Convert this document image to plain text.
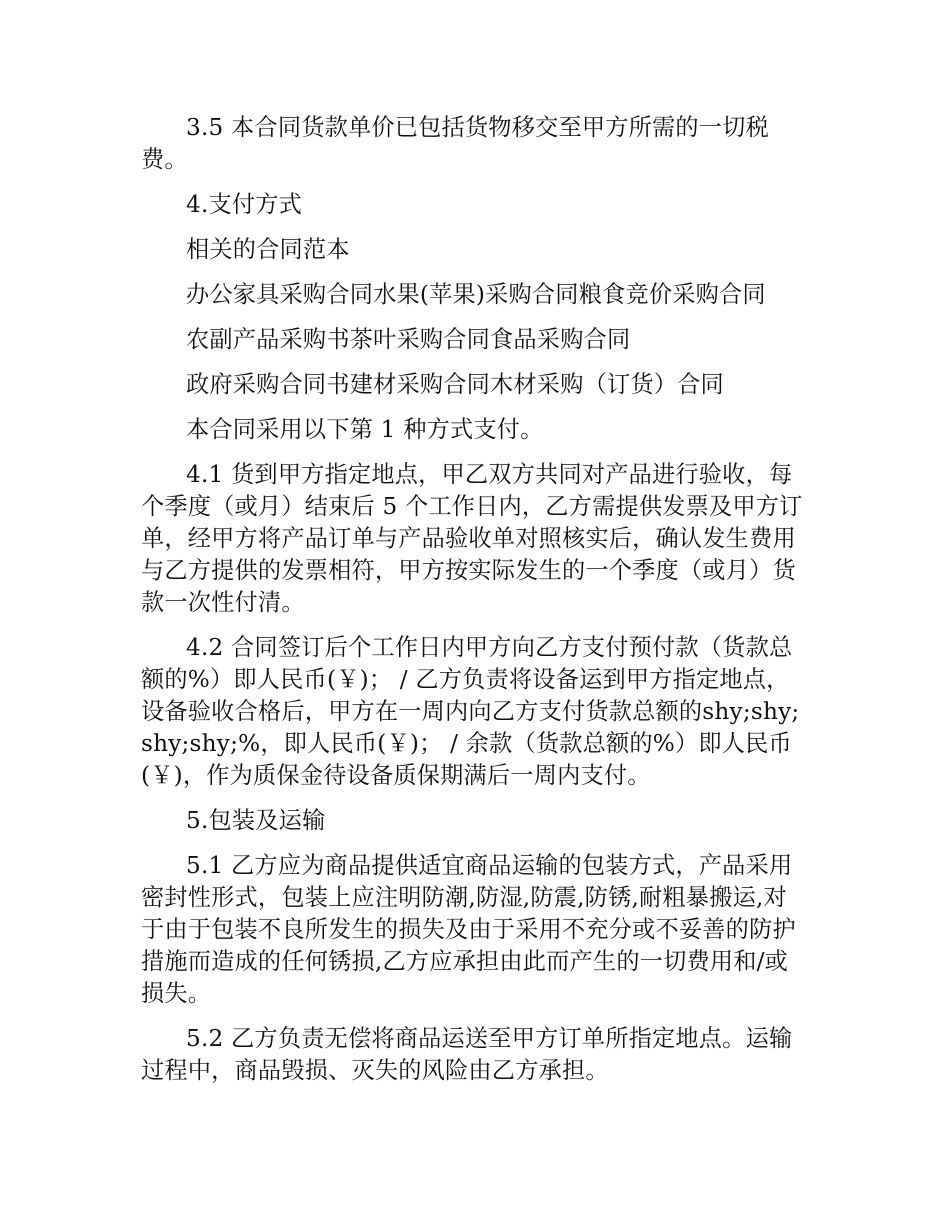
3.5 本合同货款单价已包括货物移交至甲方所需的一切税费。

4.支付方式

相关的合同范本

办公家具采购合同水果(苹果)采购合同粮食竞价采购合同

农副产品采购书茶叶采购合同食品采购合同

政府采购合同书建材采购合同木材采购（订货）合同

本合同采用以下第 1 种方式支付。

4.1 货到甲方指定地点，甲乙双方共同对产品进行验收，每个季度（或月）结束后 5 个工作日内，乙方需提供发票及甲方订单，经甲方将产品订单与产品验收单对照核实后，确认发生费用与乙方提供的发票相符，甲方按实际发生的一个季度（或月）货款一次性付清。

4.2 合同签订后个工作日内甲方向乙方支付预付款（货款总额的%）即人民币(￥)； / 乙方负责将设备运到甲方指定地点，设备验收合格后，甲方在一周内向乙方支付货款总额的shy;shy;shy;shy;%，即人民币(￥)； / 余款（货款总额的%）即人民币(￥)，作为质保金待设备质保期满后一周内支付。

5.包装及运输

5.1 乙方应为商品提供适宜商品运输的包装方式，产品采用密封性形式，包装上应注明防潮,防湿,防震,防锈,耐粗暴搬运,对于由于包装不良所发生的损失及由于采用不充分或不妥善的防护措施而造成的任何锈损,乙方应承担由此而产生的一切费用和/或损失。

5.2 乙方负责无偿将商品运送至甲方订单所指定地点。运输过程中，商品毁损、灭失的风险由乙方承担。
